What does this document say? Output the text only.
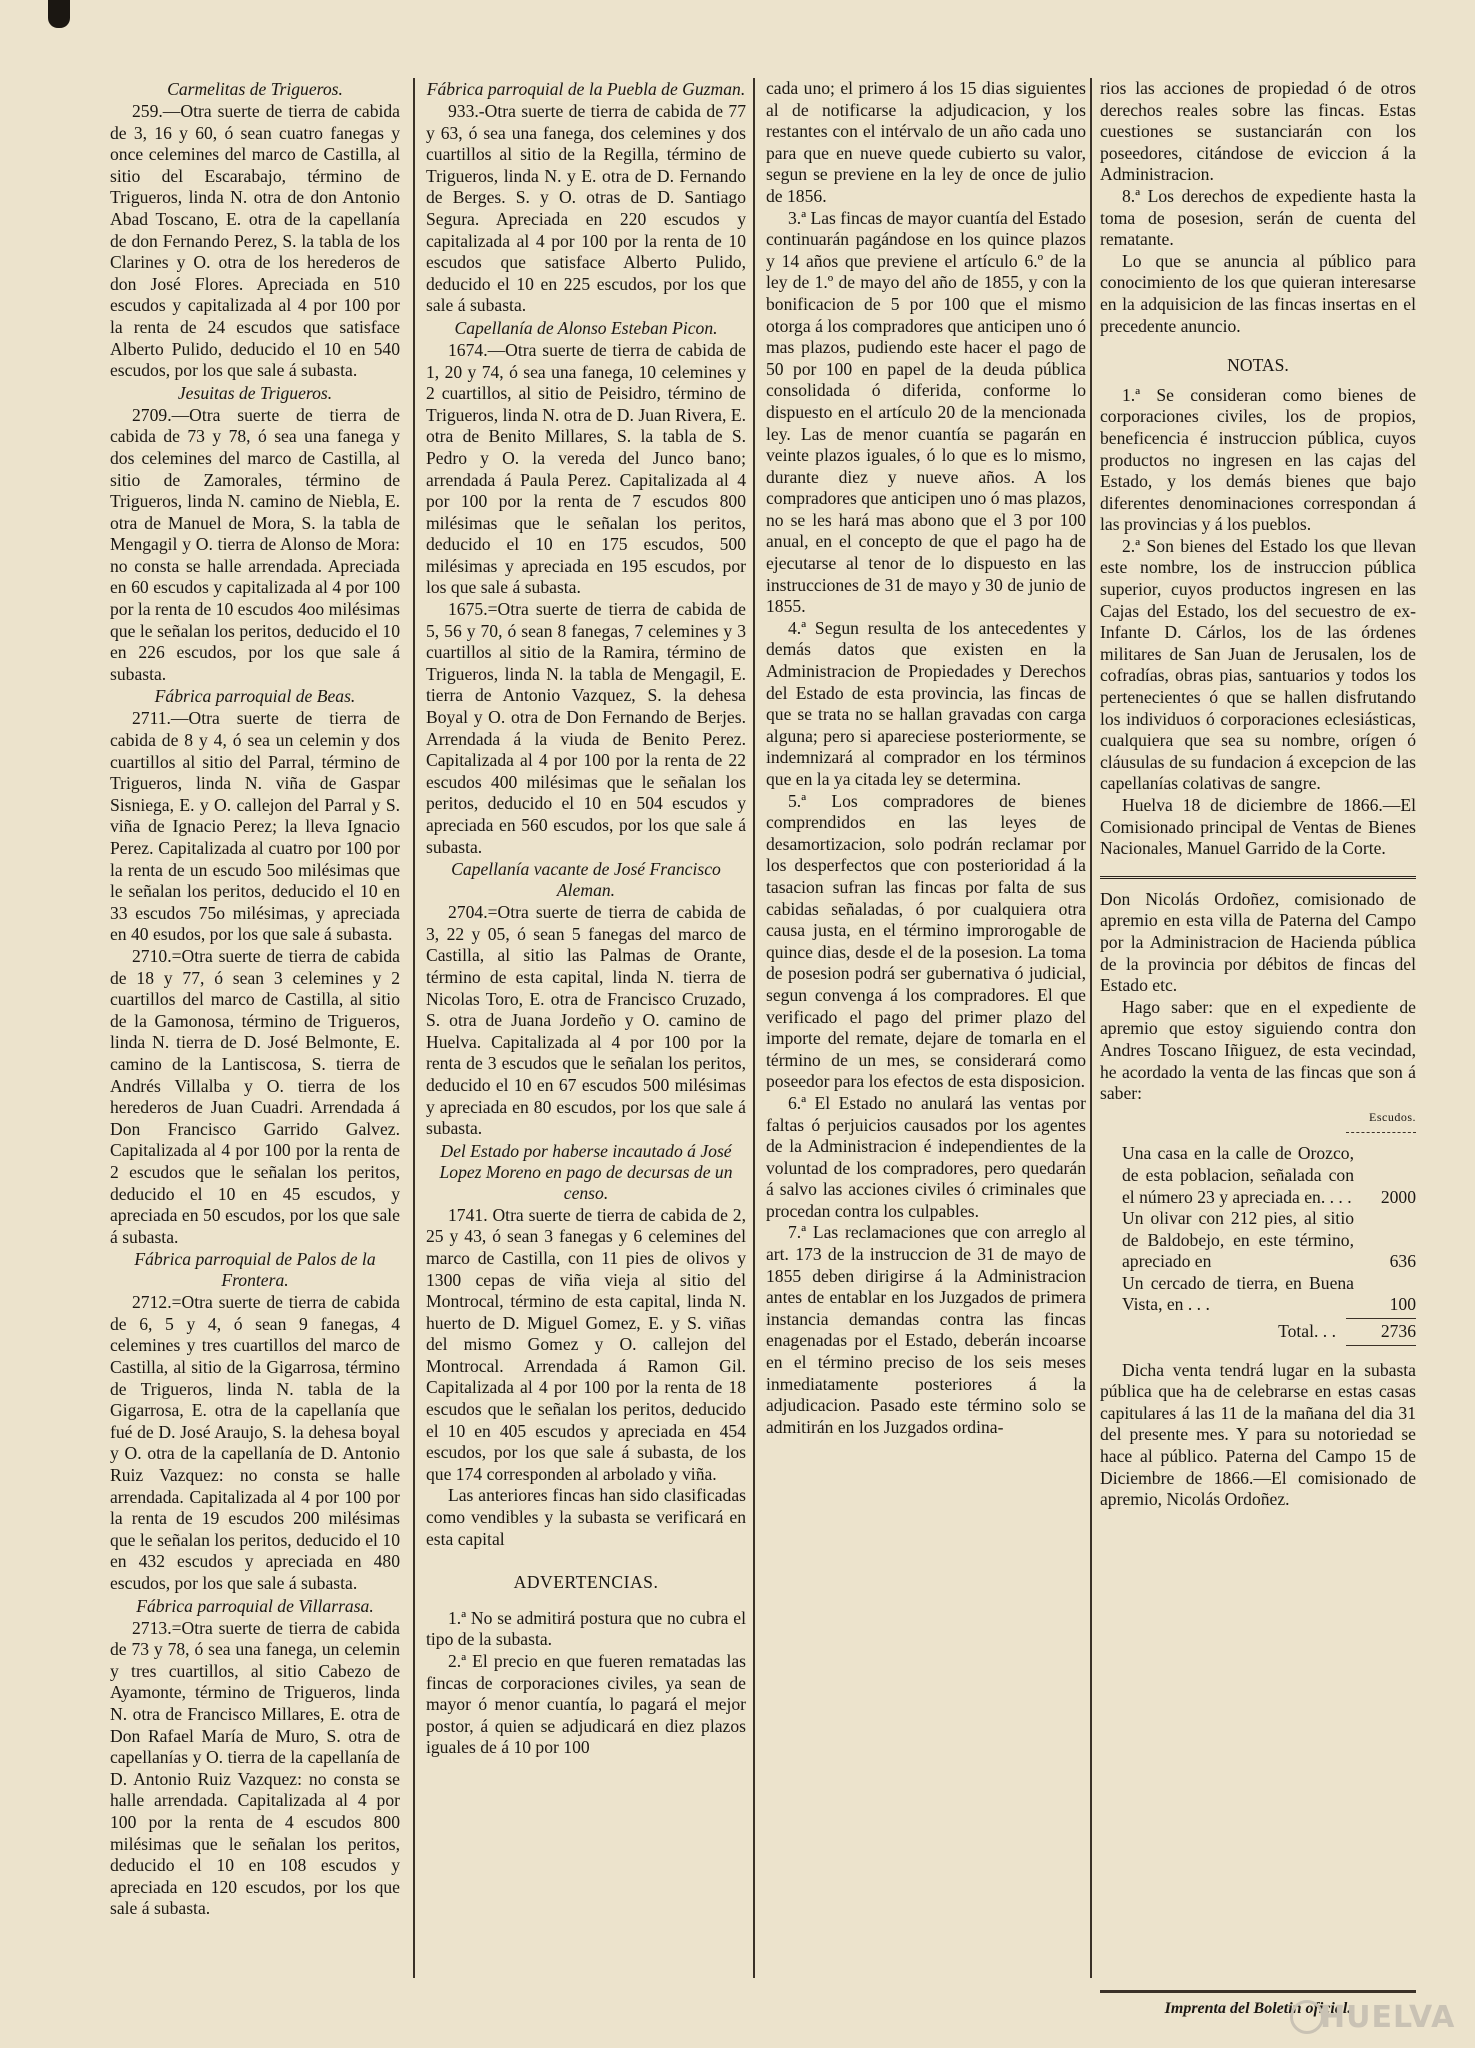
Carmelitas de Trigueros.

259.—Otra suerte de tierra de cabida de 3, 16 y 60, ó sean cuatro fanegas y once celemines del marco de Castilla, al sitio del Escarabajo, término de Trigueros, linda N. otra de don Antonio Abad Toscano, E. otra de la capellanía de don Fernando Perez, S. la tabla de los Clarines y O. otra de los herederos de don José Flores. Apreciada en 510 escudos y capitalizada al 4 por 100 por la renta de 24 escudos que satisface Alberto Pulido, deducido el 10 en 540 escudos, por los que sale á subasta.

Jesuitas de Trigueros.

2709.—Otra suerte de tierra de cabida de 73 y 78, ó sea una fanega y dos celemines del marco de Castilla, al sitio de Zamorales, término de Trigueros, linda N. camino de Niebla, E. otra de Manuel de Mora, S. la tabla de Mengagil y O. tierra de Alonso de Mora: no consta se halle arrendada. Apreciada en 60 escudos y capitalizada al 4 por 100 por la renta de 10 escudos 4oo milésimas que le señalan los peritos, deducido el 10 en 226 escudos, por los que sale á subasta.

Fábrica parroquial de Beas.

2711.—Otra suerte de tierra de cabida de 8 y 4, ó sea un celemin y dos cuartillos al sitio del Parral, término de Trigueros, linda N. viña de Gaspar Sisniega, E. y O. callejon del Parral y S. viña de Ignacio Perez; la lleva Ignacio Perez. Capitalizada al cuatro por 100 por la renta de un escudo 5oo milésimas que le señalan los peritos, deducido el 10 en 33 escudos 75o milésimas, y apreciada en 40 esudos, por los que sale á subasta.

2710.=Otra suerte de tierra de cabida de 18 y 77, ó sean 3 celemines y 2 cuartillos del marco de Castilla, al sitio de la Gamonosa, término de Trigueros, linda N. tierra de D. José Belmonte, E. camino de la Lantiscosa, S. tierra de Andrés Villalba y O. tierra de los herederos de Juan Cuadri. Arrendada á Don Francisco Garrido Galvez. Capitalizada al 4 por 100 por la renta de 2 escudos que le señalan los peritos, deducido el 10 en 45 escudos, y apreciada en 50 escudos, por los que sale á subasta.

Fábrica parroquial de Palos de la Frontera.

2712.=Otra suerte de tierra de cabida de 6, 5 y 4, ó sean 9 fanegas, 4 celemines y tres cuartillos del marco de Castilla, al sitio de la Gigarrosa, término de Trigueros, linda N. tabla de la Gigarrosa, E. otra de la capellanía que fué de D. José Araujo, S. la dehesa boyal y O. otra de la capellanía de D. Antonio Ruiz Vazquez: no consta se halle arrendada. Capitalizada al 4 por 100 por la renta de 19 escudos 200 milésimas que le señalan los peritos, deducido el 10 en 432 escudos y apreciada en 480 escudos, por los que sale á subasta.

Fábrica parroquial de Villarrasa.

2713.=Otra suerte de tierra de cabida de 73 y 78, ó sea una fanega, un celemin y tres cuartillos, al sitio Cabezo de Ayamonte, término de Trigueros, linda N. otra de Francisco Millares, E. otra de Don Rafael María de Muro, S. otra de capellanías y O. tierra de la capellanía de D. Antonio Ruiz Vazquez: no consta se halle arrendada. Capitalizada al 4 por 100 por la renta de 4 escudos 800 milésimas que le señalan los peritos, deducido el 10 en 108 escudos y apreciada en 120 escudos, por los que sale á subasta.

Fábrica parroquial de la Puebla de Guzman.

933.-Otra suerte de tierra de cabida de 77 y 63, ó sea una fanega, dos celemines y dos cuartillos al sitio de la Regilla, término de Trigueros, linda N. y E. otra de D. Fernando de Berges. S. y O. otras de D. Santiago Segura. Apreciada en 220 escudos y capitalizada al 4 por 100 por la renta de 10 escudos que satisface Alberto Pulido, deducido el 10 en 225 escudos, por los que sale á subasta.

Capellanía de Alonso Esteban Picon.

1674.—Otra suerte de tierra de cabida de 1, 20 y 74, ó sea una fanega, 10 celemines y 2 cuartillos, al sitio de Peisidro, término de Trigueros, linda N. otra de D. Juan Rivera, E. otra de Benito Millares, S. la tabla de S. Pedro y O. la vereda del Junco bano; arrendada á Paula Perez. Capitalizada al 4 por 100 por la renta de 7 escudos 800 milésimas que le señalan los peritos, deducido el 10 en 175 escudos, 500 milésimas y apreciada en 195 escudos, por los que sale á subasta.

1675.=Otra suerte de tierra de cabida de 5, 56 y 70, ó sean 8 fanegas, 7 celemines y 3 cuartillos al sitio de la Ramira, término de Trigueros, linda N. la tabla de Mengagil, E. tierra de Antonio Vazquez, S. la dehesa Boyal y O. otra de Don Fernando de Berjes. Arrendada á la viuda de Benito Perez. Capitalizada al 4 por 100 por la renta de 22 escudos 400 milésimas que le señalan los peritos, deducido el 10 en 504 escudos y apreciada en 560 escudos, por los que sale á subasta.

Capellanía vacante de José Francisco Aleman.

2704.=Otra suerte de tierra de cabida de 3, 22 y 05, ó sean 5 fanegas del marco de Castilla, al sitio las Palmas de Orante, término de esta capital, linda N. tierra de Nicolas Toro, E. otra de Francisco Cruzado, S. otra de Juana Jordeño y O. camino de Huelva. Capitalizada al 4 por 100 por la renta de 3 escudos que le señalan los peritos, deducido el 10 en 67 escudos 500 milésimas y apreciada en 80 escudos, por los que sale á subasta.

Del Estado por haberse incautado á José Lopez Moreno en pago de decursas de un censo.

1741. Otra suerte de tierra de cabida de 2, 25 y 43, ó sean 3 fanegas y 6 celemines del marco de Castilla, con 11 pies de olivos y 1300 cepas de viña vieja al sitio del Montrocal, término de esta capital, linda N. huerto de D. Miguel Gomez, E. y S. viñas del mismo Gomez y O. callejon del Montrocal. Arrendada á Ramon Gil. Capitalizada al 4 por 100 por la renta de 18 escudos que le señalan los peritos, deducido el 10 en 405 escudos y apreciada en 454 escudos, por los que sale á subasta, de los que 174 corresponden al arbolado y viña.

Las anteriores fincas han sido clasificadas como vendibles y la subasta se verificará en esta capital

ADVERTENCIAS.

1.ª No se admitirá postura que no cubra el tipo de la subasta.

2.ª El precio en que fueren rematadas las fincas de corporaciones civiles, ya sean de mayor ó menor cuantía, lo pagará el mejor postor, á quien se adjudicará en diez plazos iguales de á 10 por 100

cada uno; el primero á los 15 dias siguientes al de notificarse la adjudicacion, y los restantes con el intérvalo de un año cada uno para que en nueve quede cubierto su valor, segun se previene en la ley de once de julio de 1856.

3.ª Las fincas de mayor cuantía del Estado continuarán pagándose en los quince plazos y 14 años que previene el artículo 6.º de la ley de 1.º de mayo del año de 1855, y con la bonificacion de 5 por 100 que el mismo otorga á los compradores que anticipen uno ó mas plazos, pudiendo este hacer el pago de 50 por 100 en papel de la deuda pública consolidada ó diferida, conforme lo dispuesto en el artículo 20 de la mencionada ley. Las de menor cuantía se pagarán en veinte plazos iguales, ó lo que es lo mismo, durante diez y nueve años. A los compradores que anticipen uno ó mas plazos, no se les hará mas abono que el 3 por 100 anual, en el concepto de que el pago ha de ejecutarse al tenor de lo dispuesto en las instrucciones de 31 de mayo y 30 de junio de 1855.

4.ª Segun resulta de los antecedentes y demás datos que existen en la Administracion de Propiedades y Derechos del Estado de esta provincia, las fincas de que se trata no se hallan gravadas con carga alguna; pero si apareciese posteriormente, se indemnizará al comprador en los términos que en la ya citada ley se determina.

5.ª Los compradores de bienes comprendidos en las leyes de desamortizacion, solo podrán reclamar por los desperfectos que con posterioridad á la tasacion sufran las fincas por falta de sus cabidas señaladas, ó por cualquiera otra causa justa, en el término improrogable de quince dias, desde el de la posesion. La toma de posesion podrá ser gubernativa ó judicial, segun convenga á los compradores. El que verificado el pago del primer plazo del importe del remate, dejare de tomarla en el término de un mes, se considerará como poseedor para los efectos de esta disposicion.

6.ª El Estado no anulará las ventas por faltas ó perjuicios causados por los agentes de la Administracion é independientes de la voluntad de los compradores, pero quedarán á salvo las acciones civiles ó criminales que procedan contra los culpables.

7.ª Las reclamaciones que con arreglo al art. 173 de la instruccion de 31 de mayo de 1855 deben dirigirse á la Administracion antes de entablar en los Juzgados de primera instancia demandas contra las fincas enagenadas por el Estado, deberán incoarse en el término preciso de los seis meses inmediatamente posteriores á la adjudicacion. Pasado este término solo se admitirán en los Juzgados ordina-

rios las acciones de propiedad ó de otros derechos reales sobre las fincas. Estas cuestiones se sustanciarán con los poseedores, citándose de eviccion á la Administracion.

8.ª Los derechos de expediente hasta la toma de posesion, serán de cuenta del rematante.

Lo que se anuncia al público para conocimiento de los que quieran interesarse en la adquisicion de las fincas insertas en el precedente anuncio.

NOTAS.

1.ª Se consideran como bienes de corporaciones civiles, los de propios, beneficencia é instruccion pública, cuyos productos no ingresen en las cajas del Estado, y los demás bienes que bajo diferentes denominaciones correspondan á las provincias y á los pueblos.

2.ª Son bienes del Estado los que llevan este nombre, los de instruccion pública superior, cuyos productos ingresen en las Cajas del Estado, los del secuestro de ex-Infante D. Cárlos, los de las órdenes militares de San Juan de Jerusalen, los de cofradías, obras pias, santuarios y todos los pertenecientes ó que se hallen disfrutando los individuos ó corporaciones eclesiásticas, cualquiera que sea su nombre, orígen ó cláusulas de su fundacion á excepcion de las capellanías colativas de sangre.

Huelva 18 de diciembre de 1866.—El Comisionado principal de Ventas de Bienes Nacionales, Manuel Garrido de la Corte.

Don Nicolás Ordoñez, comisionado de apremio en esta villa de Paterna del Campo por la Administracion de Hacienda pública de la provincia por débitos de fincas del Estado etc.

Hago saber: que en el expediente de apremio que estoy siguiendo contra don Andres Toscano Iñiguez, de esta vecindad, he acordado la venta de las fincas que son á saber:

Escudos.
Una casa en la calle de Orozco, de esta poblacion, señalada con el número 23 y apreciada en. . . .	2000
Un olivar con 212 pies, al sitio de Baldobejo, en este término, apreciado en	636
Un cercado de tierra, en Buena Vista, en . . .	100
Total. . .	2736

Dicha venta tendrá lugar en la subasta pública que ha de celebrarse en estas casas capitulares á las 11 de la mañana del dia 31 del presente mes. Y para su notoriedad se hace al público. Paterna del Campo 15 de Diciembre de 1866.—El comisionado de apremio, Nicolás Ordoñez.

Imprenta del Boletin oficial.
HUELVA
